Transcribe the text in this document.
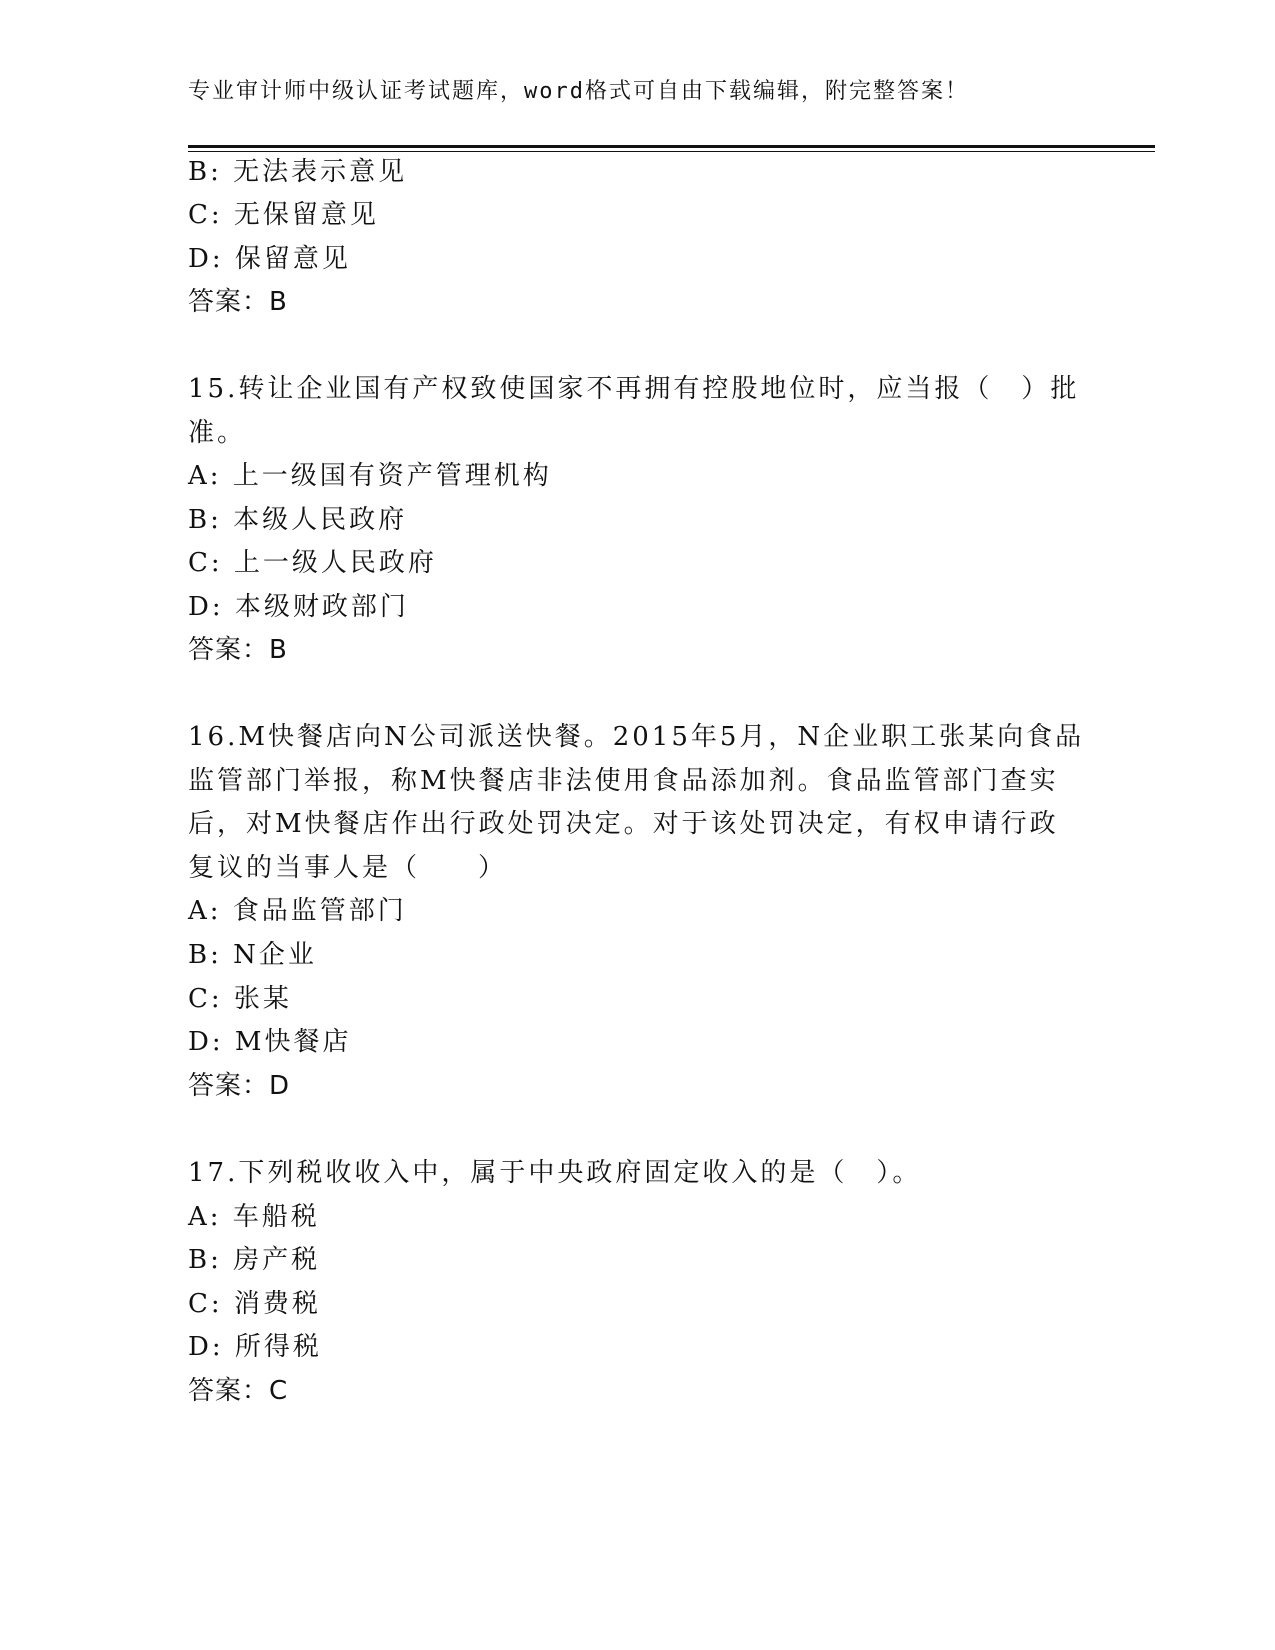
专业审计师中级认证考试题库，word格式可自由下载编辑，附完整答案！
B: 无法表示意见
C: 无保留意见
D: 保留意见
答案：B
15.转让企业国有产权致使国家不再拥有控股地位时，应当报（　）批
准。
A: 上一级国有资产管理机构
B: 本级人民政府
C: 上一级人民政府
D: 本级财政部门
答案：B
16.M快餐店向N公司派送快餐。2015年5月，N企业职工张某向食品
监管部门举报，称M快餐店非法使用食品添加剂。食品监管部门查实
后，对M快餐店作出行政处罚决定。对于该处罚决定，有权申请行政
复议的当事人是（　　）
A: 食品监管部门
B: N企业
C: 张某
D: M快餐店
答案：D
17.下列税收收入中，属于中央政府固定收入的是（　）。
A: 车船税
B: 房产税
C: 消费税
D: 所得税
答案：C
